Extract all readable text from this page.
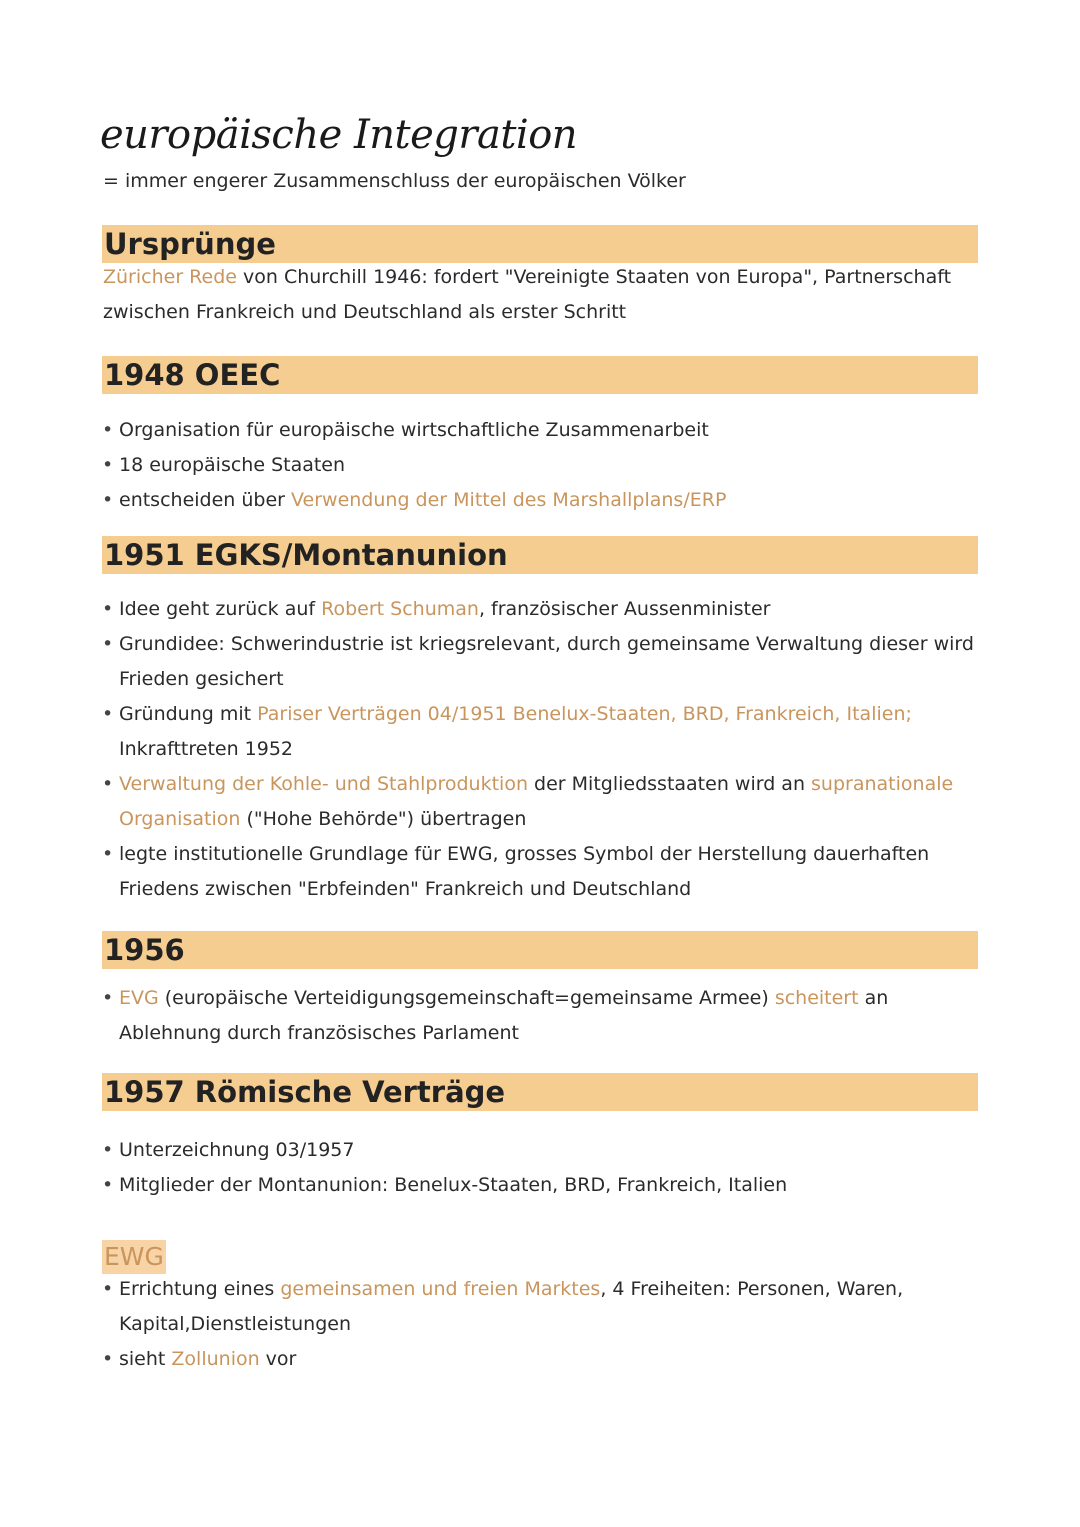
europäische Integration
= immer engerer Zusammenschluss der europäischen Völker
Ursprünge
Züricher Rede von Churchill 1946: fordert "Vereinigte Staaten von Europa", Partnerschaft zwischen Frankreich und Deutschland als erster Schritt
1948 OEEC
• Organisation für europäische wirtschaftliche Zusammenarbeit
• 18 europäische Staaten
• entscheiden über Verwendung der Mittel des Marshallplans/ERP
1951 EGKS/Montanunion
• Idee geht zurück auf Robert Schuman, französischer Aussenminister
• Grundidee: Schwerindustrie ist kriegsrelevant, durch gemeinsame Verwaltung dieser wird Frieden gesichert
• Gründung mit Pariser Verträgen 04/1951 Benelux-Staaten, BRD, Frankreich, Italien; Inkrafttreten 1952
• Verwaltung der Kohle- und Stahlproduktion der Mitgliedsstaaten wird an supranationale Organisation ("Hohe Behörde") übertragen
• legte institutionelle Grundlage für EWG, grosses Symbol der Herstellung dauerhaften Friedens zwischen "Erbfeinden" Frankreich und Deutschland
1956
• EVG (europäische Verteidigungsgemeinschaft=gemeinsame Armee) scheitert an Ablehnung durch französisches Parlament
1957 Römische Verträge
• Unterzeichnung 03/1957
• Mitglieder der Montanunion: Benelux-Staaten, BRD, Frankreich, Italien
EWG
• Errichtung eines gemeinsamen und freien Marktes, 4 Freiheiten: Personen, Waren, Kapital,Dienstleistungen
• sieht Zollunion vor
